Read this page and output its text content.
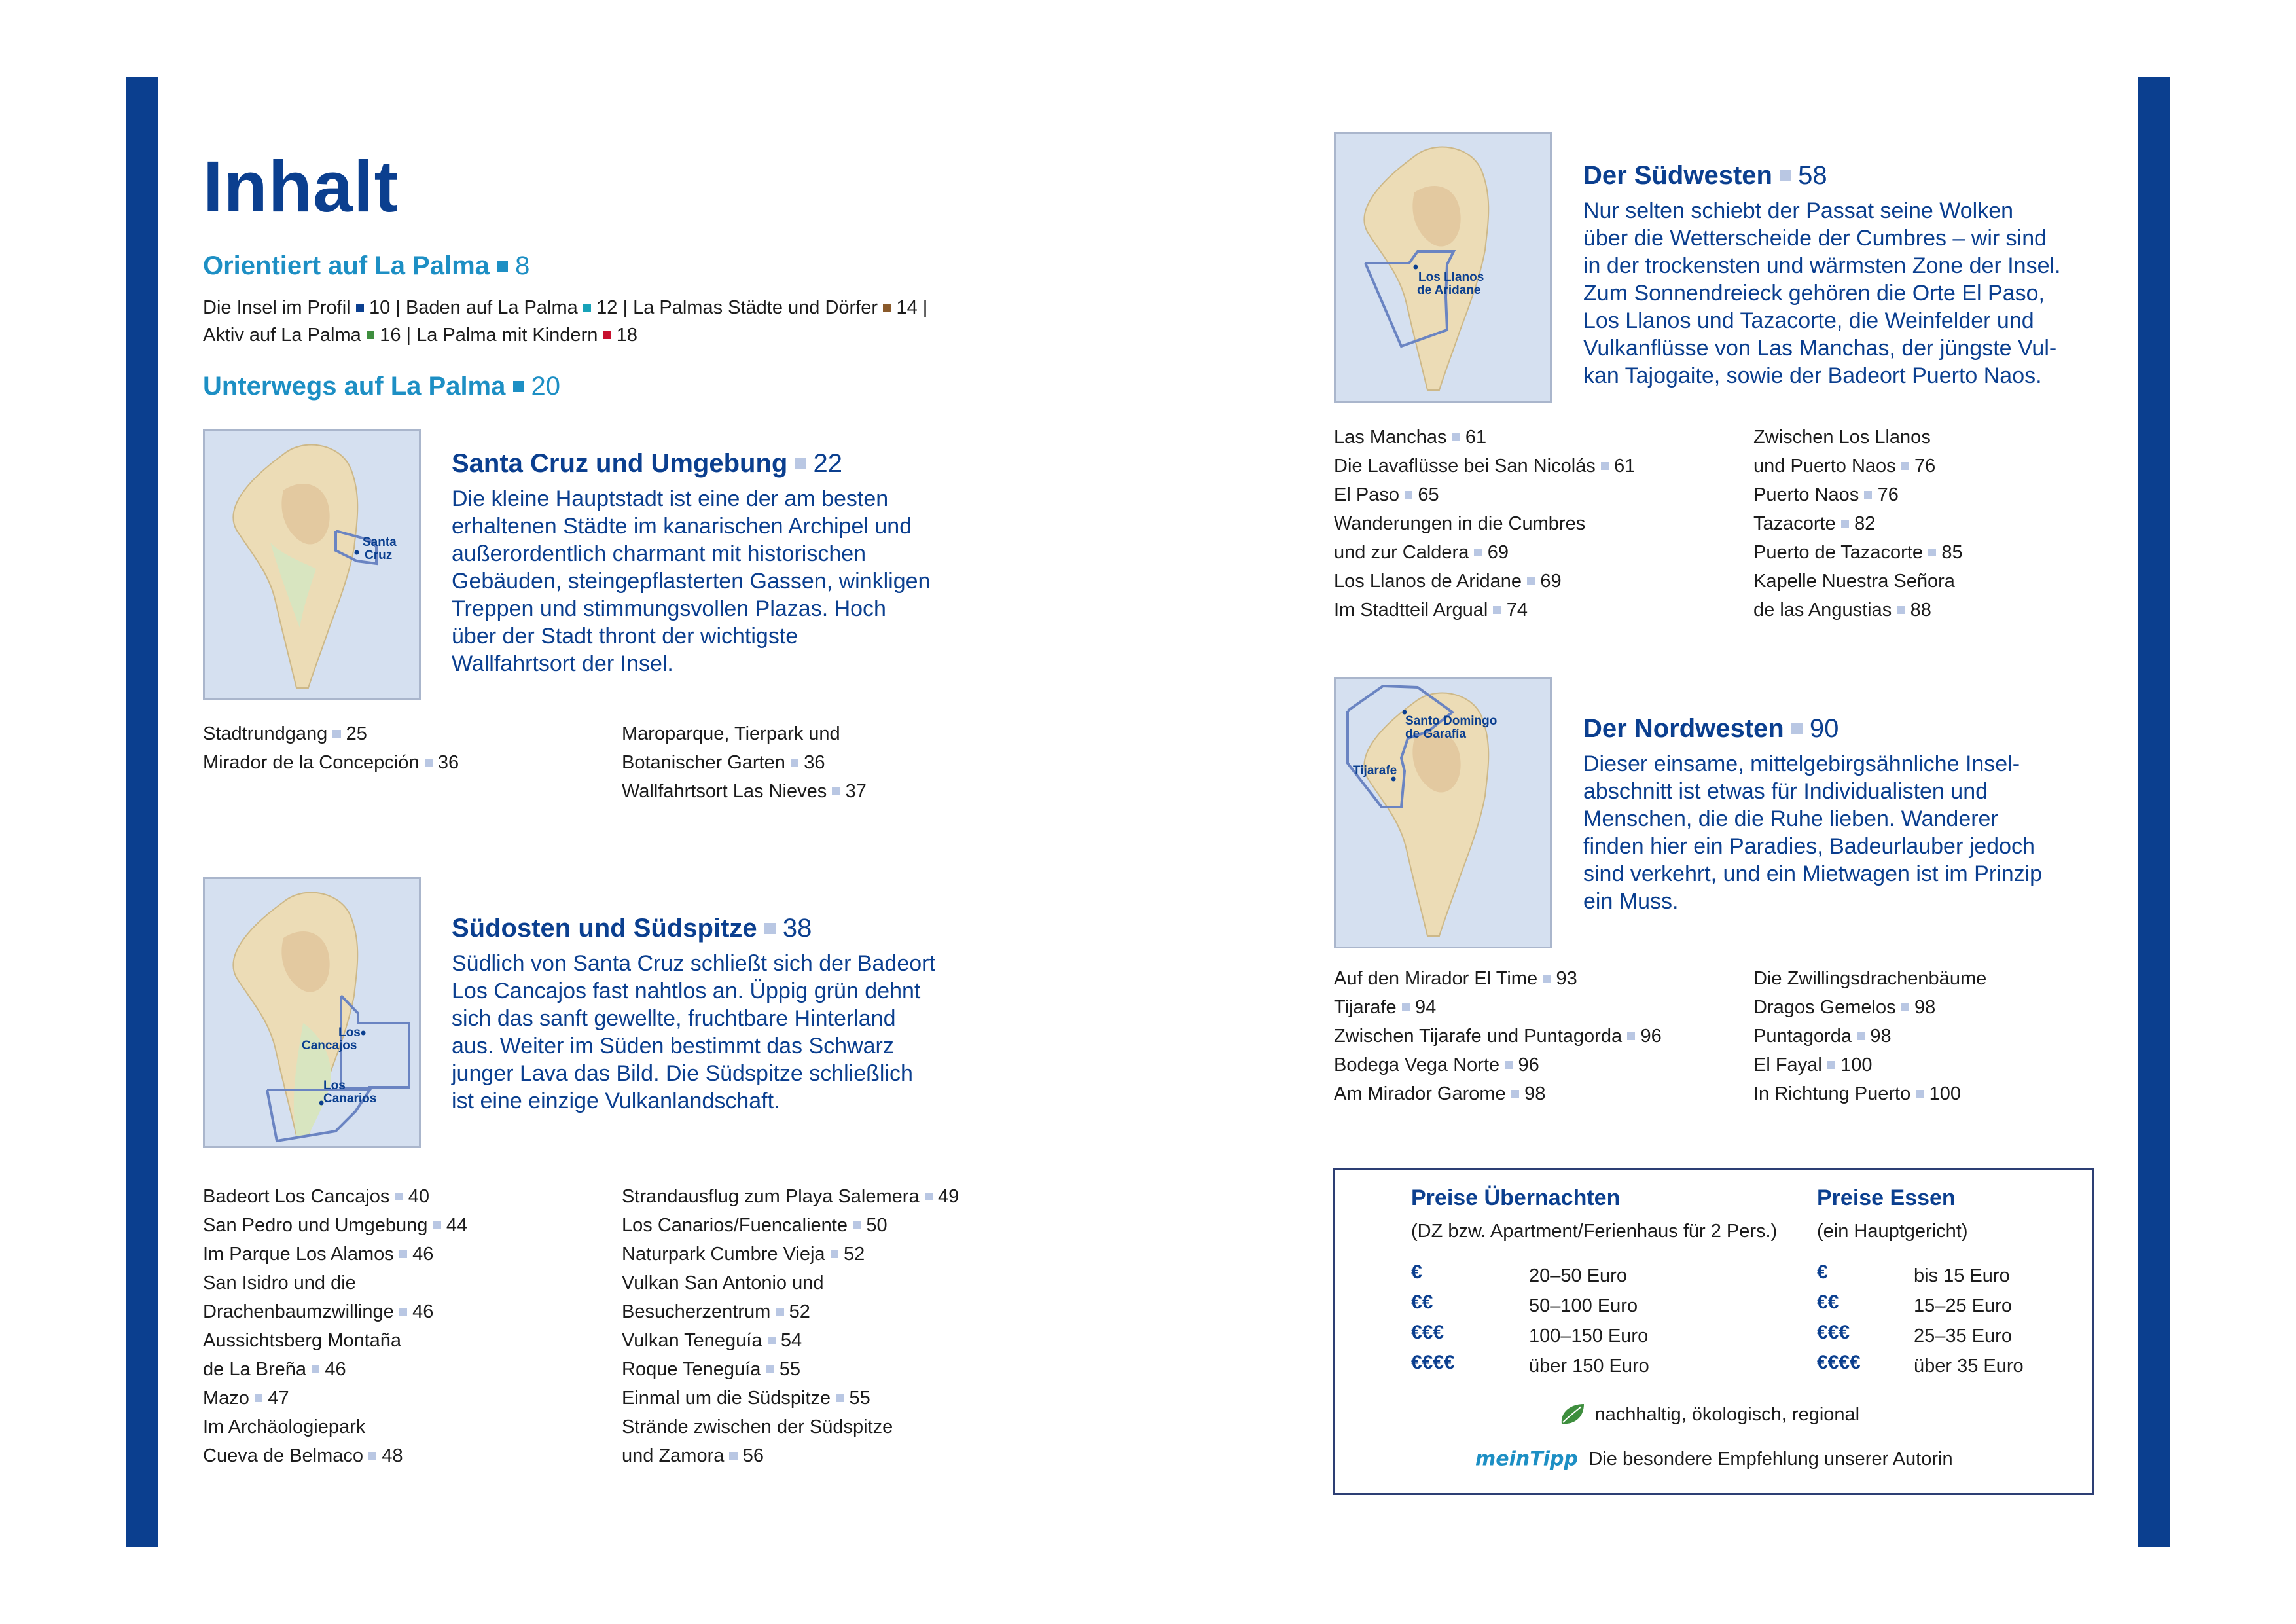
Inhalt
Orientiert auf La Palma 8
Die Insel im Profil 10 | Baden auf La Palma 12 | La Palmas Städte und Dörfer 14 |
Aktiv auf La Palma 16 | La Palma mit Kindern 18
Unterwegs auf La Palma 20
Santa
Cruz
Santa Cruz und Umgebung 22
Die kleine Hauptstadt ist eine der am besten
erhaltenen Städte im kanarischen Archipel und
außerordentlich charmant mit historischen
Gebäuden, steingepflasterten Gassen, winkligen
Treppen und stimmungsvollen Plazas. Hoch
über der Stadt thront der wichtigste
Wallfahrtsort der Insel.
Stadtrundgang 25
Mirador de la Concepción 36
Maroparque, Tierpark und
Botanischer Garten 36
Wallfahrtsort Las Nieves 37
Los
Cancajos
Los
Canarios
Südosten und Südspitze 38
Südlich von Santa Cruz schließt sich der Badeort
Los Cancajos fast nahtlos an. Üppig grün dehnt
sich das sanft gewellte, fruchtbare Hinterland
aus. Weiter im Süden bestimmt das Schwarz
junger Lava das Bild. Die Südspitze schließlich
ist eine einzige Vulkanlandschaft.
Badeort Los Cancajos 40
San Pedro und Umgebung 44
Im Parque Los Alamos 46
San Isidro und die
Drachenbaumzwillinge 46
Aussichtsberg Montaña
de La Breña 46
Mazo 47
Im Archäologiepark
Cueva de Belmaco 48
Strandausflug zum Playa Salemera 49
Los Canarios/Fuencaliente 50
Naturpark Cumbre Vieja 52
Vulkan San Antonio und
Besucherzentrum 52
Vulkan Teneguía 54
Roque Teneguía 55
Einmal um die Südspitze 55
Strände zwischen der Südspitze
und Zamora 56
Los Llanos
de Aridane
Der Südwesten 58
Nur selten schiebt der Passat seine Wolken
über die Wetterscheide der Cumbres – wir sind
in der trockensten und wärmsten Zone der Insel.
Zum Sonnendreieck gehören die Orte El Paso,
Los Llanos und Tazacorte, die Weinfelder und
Vulkanflüsse von Las Manchas, der jüngste Vul-
kan Tajogaite, sowie der Badeort Puerto Naos.
Las Manchas 61
Die Lavaflüsse bei San Nicolás 61
El Paso 65
Wanderungen in die Cumbres
und zur Caldera 69
Los Llanos de Aridane 69
Im Stadtteil Argual 74
Zwischen Los Llanos
und Puerto Naos 76
Puerto Naos 76
Tazacorte 82
Puerto de Tazacorte 85
Kapelle Nuestra Señora
de las Angustias 88
Santo Domingo
de Garafía
Tijarafe
Der Nordwesten 90
Dieser einsame, mittelgebirgsähnliche Insel-
abschnitt ist etwas für Individualisten und
Menschen, die die Ruhe lieben. Wanderer
finden hier ein Paradies, Badeurlauber jedoch
sind verkehrt, und ein Mietwagen ist im Prinzip
ein Muss.
Auf den Mirador El Time 93
Tijarafe 94
Zwischen Tijarafe und Puntagorda 96
Bodega Vega Norte 96
Am Mirador Garome 98
Die Zwillingsdrachenbäume
Dragos Gemelos 98
Puntagorda 98
El Fayal 100
In Richtung Puerto 100
Preise Übernachten
(DZ bzw. Apartment/Ferienhaus für 2 Pers.)
€	20–50 Euro
€€	50–100 Euro
€€€	100–150 Euro
€€€€	über 150 Euro
Preise Essen
(ein Hauptgericht)
€	bis 15 Euro
€€	15–25 Euro
€€€	25–35 Euro
€€€€	über 35 Euro
nachhaltig, ökologisch, regional
meinTipp Die besondere Empfehlung unserer Autorin
